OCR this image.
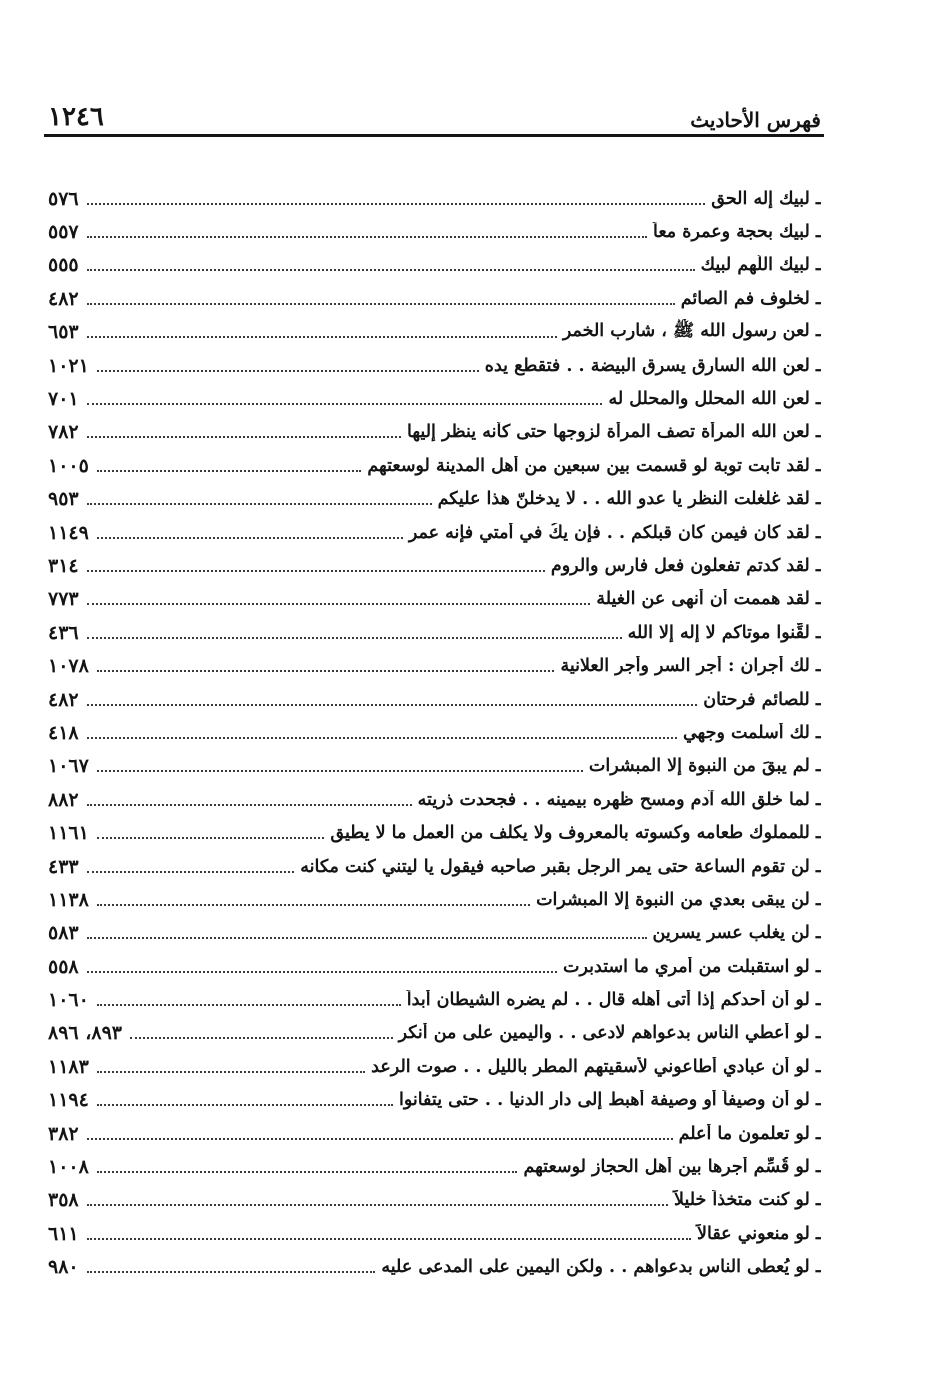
١٢٤٦	فهرس الأحاديث
٥٧٦	ـ لبيك إله الحق
٥٥٧	ـ لبيك بحجة وعمرة معاً
٥٥٥	ـ لبيك اللّهم لبيك
٤٨٢	ـ لخلوف فم الصائم
٦٥٣	ـ لعن رسول الله ﷺ ، شارب الخمر
١٠٢١	ـ لعن الله السارق يسرق البيضة . . فتقطع يده
٧٠١	ـ لعن الله المحلل والمحلل له
٧٨٢	ـ لعن الله المرأة تصف المرأة لزوجها حتى كأنه ينظر إليها
١٠٠٥	ـ لقد تابت توبة لو قسمت بين سبعين من أهل المدينة لوسعتهم
٩٥٣	ـ لقد غلغلت النظر يا عدو الله . . لا يدخلنّ هذا عليكم
١١٤٩	ـ لقد كان فيمن كان قبلكم . . فإن يكُ في أمتي فإنه عمر
٣١٤	ـ لقد كدتم تفعلون فعل فارس والروم
٧٧٣	ـ لقد هممت أن أنهى عن الغيلة
٤٣٦	ـ لقِّنوا موتاكم لا إله إلا الله
١٠٧٨	ـ لك أجران : أجر السر وأجر العلانية
٤٨٢	ـ للصائم فرحتان
٤١٨	ـ لك أسلمت وجهي
١٠٦٧	ـ لم يبقَ من النبوة إلا المبشرات
٨٨٢	ـ لما خلق الله آدم ومسح ظهره بيمينه . . فجحدت ذريته
١١٦١	ـ للمملوك طعامه وكسوته بالمعروف ولا يكلف من العمل ما لا يطيق
٤٣٣	ـ لن تقوم الساعة حتى يمر الرجل بقبر صاحبه فيقول يا ليتني كنت مكانه
١١٣٨	ـ لن يبقى بعدي من النبوة إلا المبشرات
٥٨٣	ـ لن يغلب عسر يسرين
٥٥٨	ـ لو استقبلت من أمري ما استدبرت
١٠٦٠	ـ لو أن أحدكم إذا أتى أهله قال . . لم يضره الشيطان أبداً
٨٩٣، ٨٩٦	ـ لو أعطي الناس بدعواهم لادعى . . واليمين على من أنكر
١١٨٣	ـ لو أن عبادي أطاعوني لأسقيتهم المطر بالليل . . صوت الرعد
١١٩٤	ـ لو أن وصيفاً أو وصيفة أُهبط إلى دار الدنيا . . حتى يتفانوا
٣٨٢	ـ لو تعلمون ما أعلم
١٠٠٨	ـ لو قُسِّم أجرها بين أهل الحجاز لوسعتهم
٣٥٨	ـ لو كنت متخذاً خليلاً
٦١١	ـ لو منعوني عقالاً
٩٨٠	ـ لو يُعطى الناس بدعواهم . . ولكن اليمين على المدعى عليه
